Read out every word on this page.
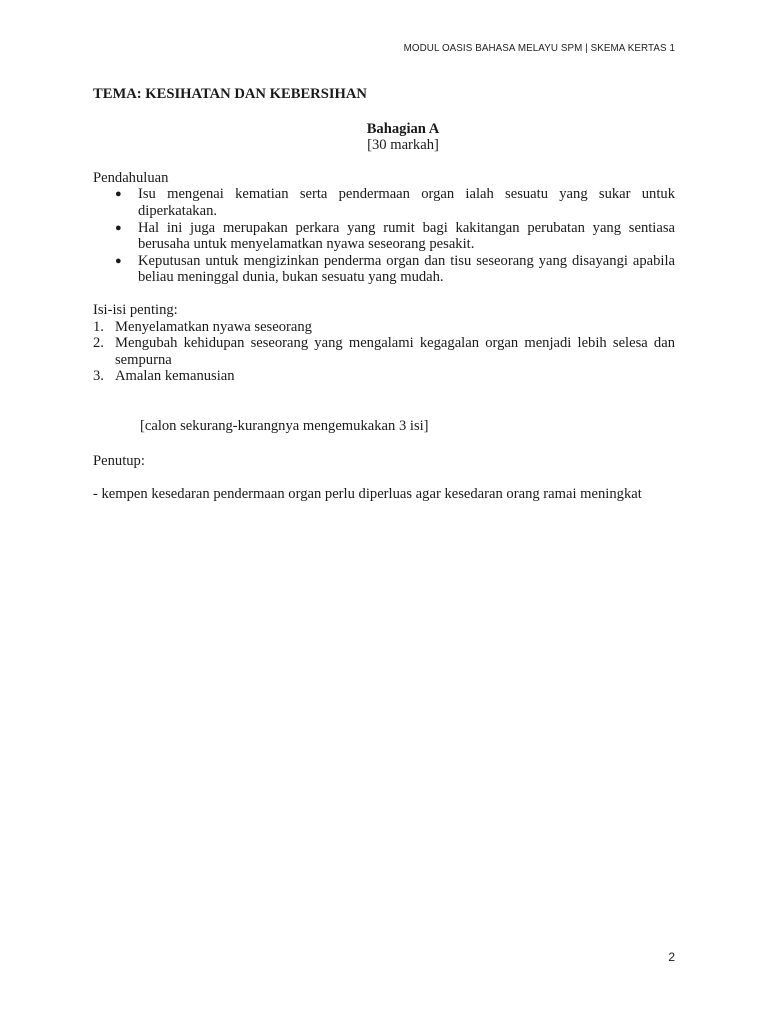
MODUL OASIS BAHASA MELAYU SPM | SKEMA KERTAS 1
TEMA: KESIHATAN DAN KEBERSIHAN
Bahagian A
[30 markah]
Pendahuluan
● Isu mengenai kematian serta pendermaan organ ialah sesuatu yang sukar untuk diperkatakan.
● Hal ini juga merupakan perkara yang rumit bagi kakitangan perubatan yang sentiasa berusaha untuk menyelamatkan nyawa seseorang pesakit.
● Keputusan untuk mengizinkan penderma organ dan tisu seseorang yang disayangi apabila beliau meninggal dunia, bukan sesuatu yang mudah.
Isi-isi penting:
1. Menyelamatkan nyawa seseorang
2. Mengubah kehidupan seseorang yang mengalami kegagalan organ menjadi lebih selesa dan sempurna
3. Amalan kemanusian
[calon sekurang-kurangnya mengemukakan 3 isi]
Penutup:
- kempen kesedaran pendermaan organ perlu diperluas agar kesedaran orang ramai meningkat
2
